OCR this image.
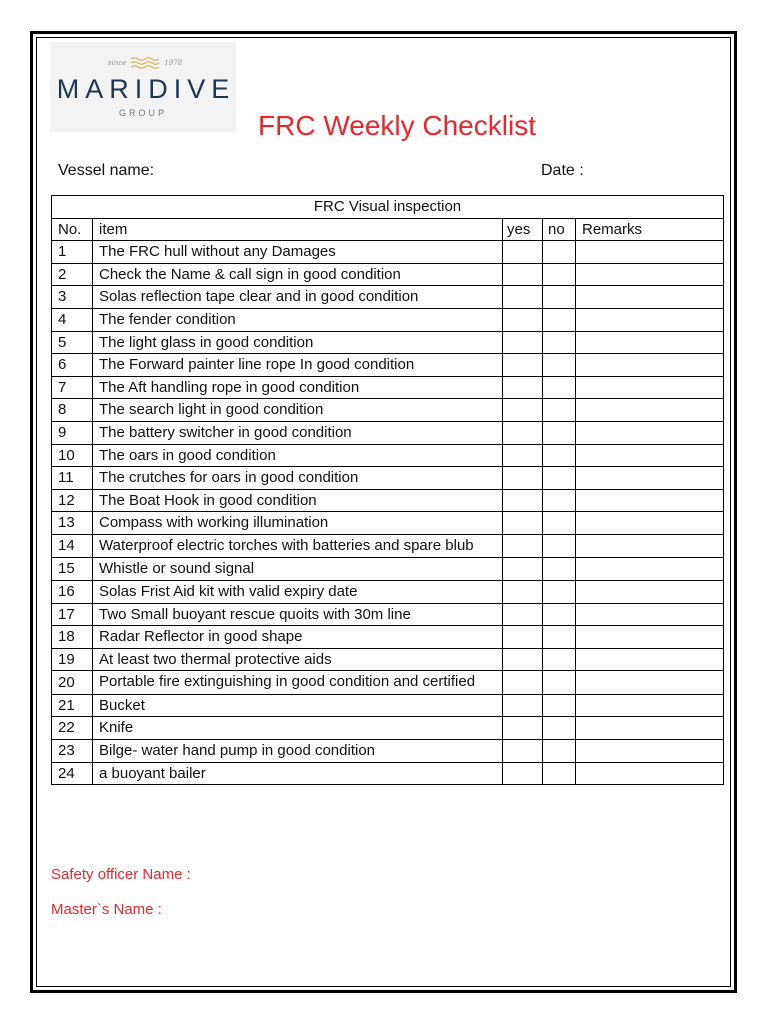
since	1978
MARIDIVE
GROUP	FRC Weekly Checklist
Vessel name:	Date :
FRC Visual inspection				
No.	item	yes	no	Remarks
1	The FRC hull without any Damages			
2	Check the Name & call sign in good condition			
3	Solas reflection tape clear and in good condition			
4	The fender condition			
5	The light glass in good condition			
6	The Forward painter line rope In good condition			
7	The Aft handling rope in good condition			
8	The search light in good condition			
9	The battery switcher in good condition			
10	The oars in good condition			
11	The crutches for oars in good condition			
12	The Boat Hook in good condition			
13	Compass with working illumination			
14	Waterproof electric torches with batteries and spare blub			
15	Whistle or sound signal			
16	Solas Frist Aid kit with valid expiry date			
17	Two Small buoyant rescue quoits with 30m line			
18	Radar Reflector in good shape			
19	At least two thermal protective aids			
20	Portable fire extinguishing in good condition and certified			
21	Bucket			
22	Knife			
23	Bilge- water hand pump in good condition			
24	a buoyant bailer			
Safety officer Name :
Master`s Name :
